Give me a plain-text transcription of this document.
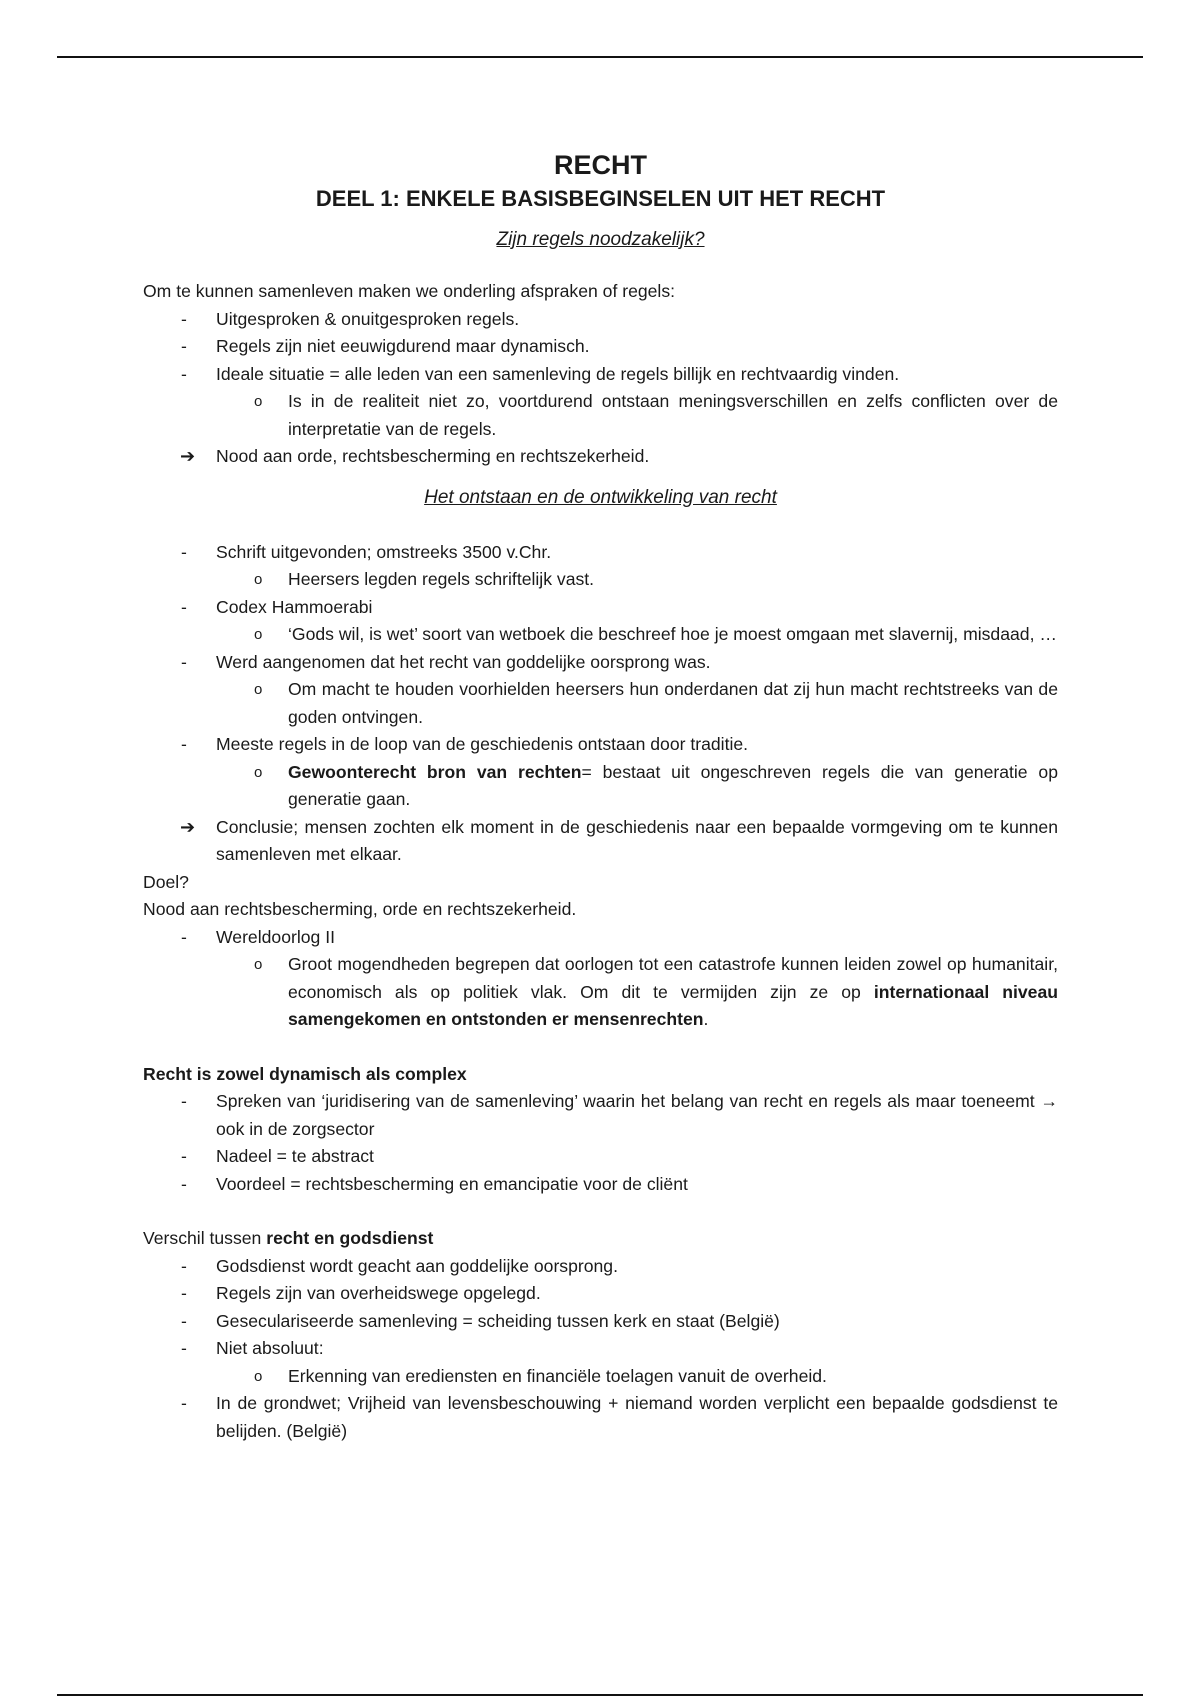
RECHT
DEEL 1: ENKELE BASISBEGINSELEN UIT HET RECHT
Zijn regels noodzakelijk?
Om te kunnen samenleven maken we onderling afspraken of regels:
- Uitgesproken & onuitgesproken regels.
- Regels zijn niet eeuwigdurend maar dynamisch.
- Ideale situatie = alle leden van een samenleving de regels billijk en rechtvaardig vinden.
o Is in de realiteit niet zo, voortdurend ontstaan meningsverschillen en zelfs conflicten over de interpretatie van de regels.
➔ Nood aan orde, rechtsbescherming en rechtszekerheid.
Het ontstaan en de ontwikkeling van recht
- Schrift uitgevonden; omstreeks 3500 v.Chr.
o Heersers legden regels schriftelijk vast.
- Codex Hammoerabi
o ‘Gods wil, is wet’ soort van wetboek die beschreef hoe je moest omgaan met slavernij, misdaad, …
- Werd aangenomen dat het recht van goddelijke oorsprong was.
o Om macht te houden voorhielden heersers hun onderdanen dat zij hun macht rechtstreeks van de goden ontvingen.
- Meeste regels in de loop van de geschiedenis ontstaan door traditie.
o Gewoonterecht bron van rechten= bestaat uit ongeschreven regels die van generatie op generatie gaan.
➔ Conclusie; mensen zochten elk moment in de geschiedenis naar een bepaalde vormgeving om te kunnen samenleven met elkaar.
Doel?
Nood aan rechtsbescherming, orde en rechtszekerheid.
- Wereldoorlog II
o Groot mogendheden begrepen dat oorlogen tot een catastrofe kunnen leiden zowel op humanitair, economisch als op politiek vlak. Om dit te vermijden zijn ze op internationaal niveau samengekomen en ontstonden er mensenrechten.
Recht is zowel dynamisch als complex
- Spreken van ‘juridisering van de samenleving’ waarin het belang van recht en regels als maar toeneemt → ook in de zorgsector
- Nadeel = te abstract
- Voordeel = rechtsbescherming en emancipatie voor de cliënt
Verschil tussen recht en godsdienst
- Godsdienst wordt geacht aan goddelijke oorsprong.
- Regels zijn van overheidswege opgelegd.
- Geseculariseerde samenleving = scheiding tussen kerk en staat (België)
- Niet absoluut:
o Erkenning van erediensten en financiële toelagen vanuit de overheid.
- In de grondwet; Vrijheid van levensbeschouwing + niemand worden verplicht een bepaalde godsdienst te belijden. (België)
